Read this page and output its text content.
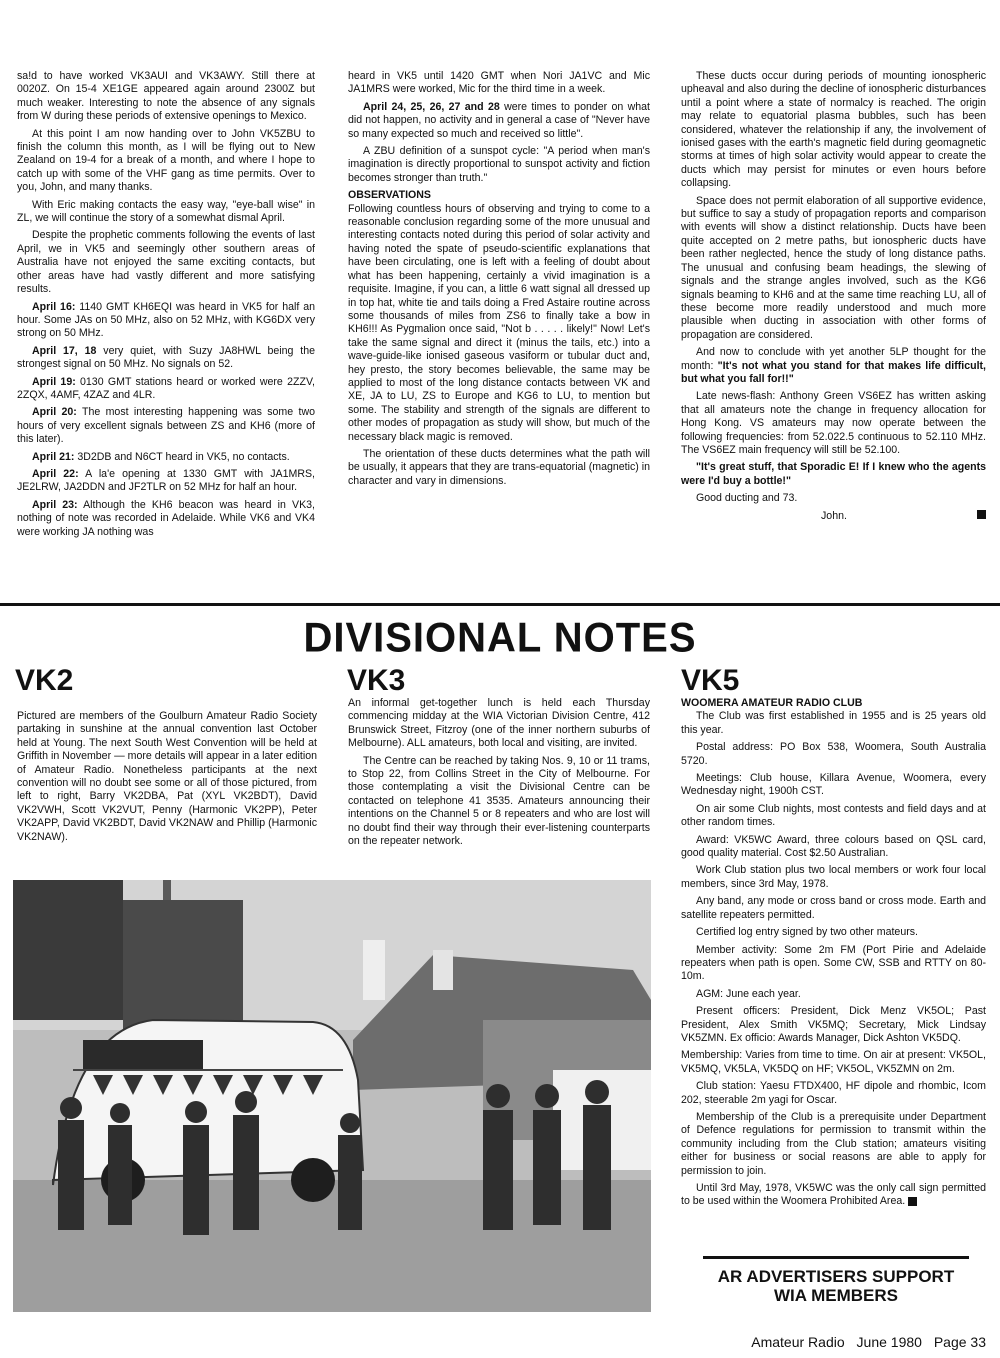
sa!d to have worked VK3AUI and VK3AWY. Still there at 0020Z. On 15-4 XE1GE appeared again around 2300Z but much weaker. Interesting to note the absence of any signals from W during these periods of extensive openings to Mexico.

At this point I am now handing over to John VK5ZBU to finish the column this month, as I will be flying out to New Zealand on 19-4 for a break of a month, and where I hope to catch up with some of the VHF gang as time permits. Over to you, John, and many thanks.

With Eric making contacts the easy way, "eye-ball wise" in ZL, we will continue the story of a somewhat dismal April.

Despite the prophetic comments following the events of last April, we in VK5 and seemingly other southern areas of Australia have not enjoyed the same exciting contacts, but other areas have had vastly different and more satisfying results.

April 16: 1140 GMT KH6EQI was heard in VK5 for half an hour. Some JAs on 50 MHz, also on 52 MHz, with KG6DX very strong on 50 MHz.

April 17, 18 very quiet, with Suzy JA8HWL being the strongest signal on 50 MHz. No signals on 52.

April 19: 0130 GMT stations heard or worked were 2ZZV, 2ZQX, 4AMF, 4ZAZ and 4LR.

April 20: The most interesting happening was some two hours of very excellent signals between ZS and KH6 (more of this later).

April 21: 3D2DB and N6CT heard in VK5, no contacts.

April 22: A la'e opening at 1330 GMT with JA1MRS, JE2LRW, JA2DDN and JF2TLR on 52 MHz for half an hour.

April 23: Although the KH6 beacon was heard in VK3, nothing of note was recorded in Adelaide. While VK6 and VK4 were working JA nothing was

heard in VK5 until 1420 GMT when Nori JA1VC and Mic JA1MRS were worked, Mic for the third time in a week.

April 24, 25, 26, 27 and 28 were times to ponder on what did not happen, no activity and in general a case of "Never have so many expected so much and received so little".

A ZBU definition of a sunspot cycle: "A period when man's imagination is directly proportional to sunspot activity and fiction becomes stronger than truth."

OBSERVATIONS

Following countless hours of observing and trying to come to a reasonable conclusion regarding some of the more unusual and interesting contacts noted during this period of solar activity and having noted the spate of pseudo-scientific explanations that have been circulating, one is left with a feeling of doubt about what has been happening, certainly a vivid imagination is a requisite. Imagine, if you can, a little 6 watt signal all dressed up in top hat, white tie and tails doing a Fred Astaire routine across some thousands of miles from ZS6 to finally take a bow in KH6!!! As Pygmalion once said, "Not b . . . . . likely!" Now! Let's take the same signal and direct it (minus the tails, etc.) into a wave-guide-like ionised gaseous vasiform or tubular duct and, hey presto, the story becomes believable, the same may be applied to most of the long distance contacts between VK and XE, JA to LU, ZS to Europe and KG6 to LU, to mention but some. The stability and strength of the signals are different to other modes of propagation as study will show, but much of the necessary black magic is removed.

The orientation of these ducts determines what the path will be usually, it appears that they are trans-equatorial (magnetic) in character and vary in dimensions.

These ducts occur during periods of mounting ionospheric upheaval and also during the decline of ionospheric disturbances until a point where a state of normalcy is reached. The origin may relate to equatorial plasma bubbles, such has been considered, whatever the relationship if any, the involvement of ionised gases with the earth's magnetic field during geomagnetic storms at times of high solar activity would appear to create the ducts which may persist for minutes or even hours before collapsing.

Space does not permit elaboration of all supportive evidence, but suffice to say a study of propagation reports and comparison with events will show a distinct relationship. Ducts have been quite accepted on 2 metre paths, but ionospheric ducts have been rather neglected, hence the study of long distance paths. The unusual and confusing beam headings, the slewing of signals and the strange angles involved, such as the KG6 signals beaming to KH6 and at the same time reaching LU, all of these become more readily understood and much more plausible when ducting in association with other forms of propagation are considered.

And now to conclude with yet another 5LP thought for the month: "It's not what you stand for that makes life difficult, but what you fall for!!"

Late news-flash: Anthony Green VS6EZ has written asking that all amateurs note the change in frequency allocation for Hong Kong. VS amateurs may now operate between the following frequencies: from 52.022.5 continuous to 52.110 MHz. The VS6EZ main frequency will still be 52.100.

"It's great stuff, that Sporadic E! If I knew who the agents were I'd buy a bottle!"

Good ducting and 73.

John.

DIVISIONAL NOTES
VK2	VK3	VK5

Pictured are members of the Goulburn Amateur Radio Society partaking in sunshine at the annual convention last October held at Young. The next South West Convention will be held at Griffith in November — more details will appear in a later edition of Amateur Radio. Nonetheless participants at the next convention will no doubt see some or all of those pictured, from left to right, Barry VK2DBA, Pat (XYL VK2BDT), David VK2VWH, Scott VK2VUT, Penny (Harmonic VK2PP), Peter VK2APP, David VK2BDT, David VK2NAW and Phillip (Harmonic VK2NAW).

An informal get-together lunch is held each Thursday commencing midday at the WIA Victorian Division Centre, 412 Brunswick Street, Fitzroy (one of the inner northern suburbs of Melbourne). ALL amateurs, both local and visiting, are invited.

The Centre can be reached by taking Nos. 9, 10 or 11 trams, to Stop 22, from Collins Street in the City of Melbourne. For those contemplating a visit the Divisional Centre can be contacted on telephone 41 3535. Amateurs announcing their intentions on the Channel 5 or 8 repeaters and who are lost will no doubt find their way through their ever-listening counterparts on the repeater network.

WOOMERA AMATEUR RADIO CLUB

The Club was first established in 1955 and is 25 years old this year.

Postal address: PO Box 538, Woomera, South Australia 5720.

Meetings: Club house, Killara Avenue, Woomera, every Wednesday night, 1900h CST.

On air some Club nights, most contests and field days and at other random times.

Award: VK5WC Award, three colours based on QSL card, good quality material. Cost $2.50 Australian.

Work Club station plus two local members or work four local members, since 3rd May, 1978.

Any band, any mode or cross band or cross mode. Earth and satellite repeaters permitted.

Certified log entry signed by two other mateurs.

Member activity: Some 2m FM (Port Pirie and Adelaide repeaters when path is open. Some CW, SSB and RTTY on 80-10m.

AGM: June each year.

Present officers: President, Dick Menz VK5OL; Past President, Alex Smith VK5MQ; Secretary, Mick Lindsay VK5ZMN. Ex officio: Awards Manager, Dick Ashton VK5DQ.

Membership: Varies from time to time. On air at present: VK5OL, VK5MQ, VK5LA, VK5DQ on HF; VK5OL, VK5ZMN on 2m.

Club station: Yaesu FTDX400, HF dipole and rhombic, Icom 202, steerable 2m yagi for Oscar.

Membership of the Club is a prerequisite under Department of Defence regulations for permission to transmit within the community including from the Club station; amateurs visiting either for business or social reasons are able to apply for permission to join.

Until 3rd May, 1978, VK5WC was the only call sign permitted to be used within the Woomera Prohibited Area.

AR ADVERTISERS SUPPORT
WIA MEMBERS
Amateur Radio June 1980 Page 33
